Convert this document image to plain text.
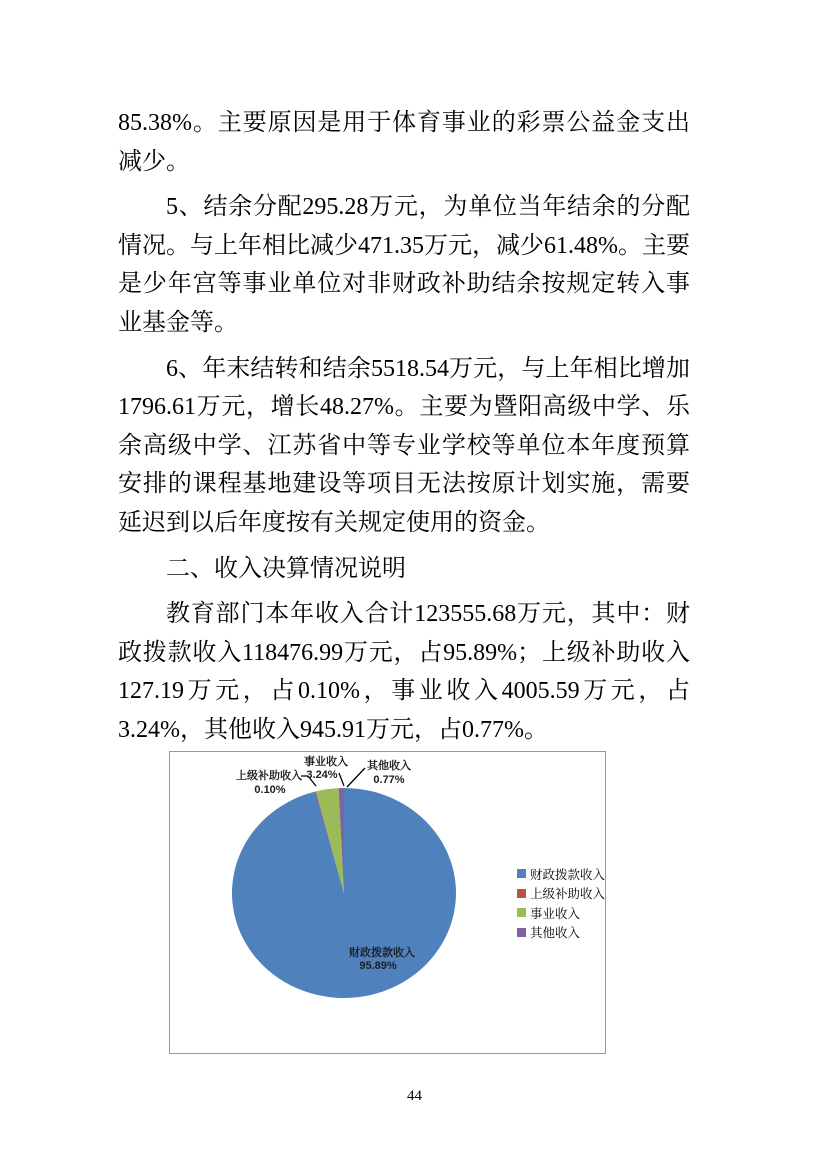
85.38%。主要原因是用于体育事业的彩票公益金支出减少。

5、结余分配295.28万元，为单位当年结余的分配情况。与上年相比减少471.35万元，减少61.48%。主要是少年宫等事业单位对非财政补助结余按规定转入事业基金等。

6、年末结转和结余5518.54万元，与上年相比增加1796.61万元，增长48.27%。主要为暨阳高级中学、乐余高级中学、江苏省中等专业学校等单位本年度预算安排的课程基地建设等项目无法按原计划实施，需要延迟到以后年度按有关规定使用的资金。

二、收入决算情况说明

教育部门本年收入合计123555.68万元，其中：财政拨款收入118476.99万元，占95.89%；上级补助收入127.19万元，占0.10%，事业收入4005.59万元，占3.24%，其他收入945.91万元，占0.77%。

财政拨款收入
95.89%
上级补助收入
0.10%
事业收入
3.24%
其他收入
0.77%
财政拨款收入
上级补助收入
事业收入
其他收入
44
